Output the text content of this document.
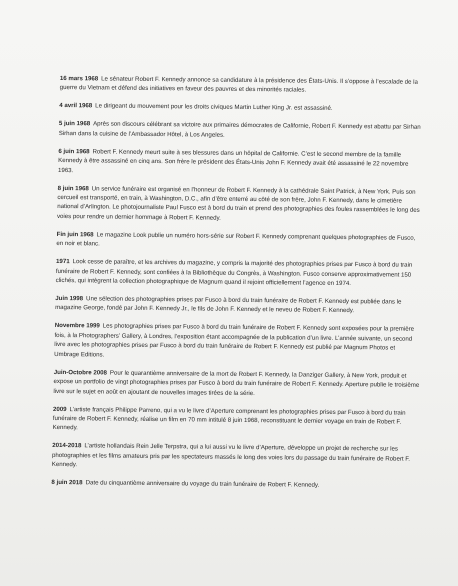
16 mars 1968 Le sénateur Robert F. Kennedy annonce sa candidature à la présidence des États-Unis. Il s’oppose à l’escalade de la guerre du Vietnam et défend des initiatives en faveur des pauvres et des minorités raciales.

4 avril 1968 Le dirigeant du mouvement pour les droits civiques Martin Luther King Jr. est assassiné.

5 juin 1968 Après son discours célébrant sa victoire aux primaires démocrates de Californie, Robert F. Kennedy est abattu par Sirhan Sirhan dans la cuisine de l’Ambassador Hôtel, à Los Angeles.

6 juin 1968 Robert F. Kennedy meurt suite à ses blessures dans un hôpital de Californie. C’est le second membre de la famille Kennedy à être assassiné en cinq ans. Son frère le président des États-Unis John F. Kennedy avait été assassiné le 22 novembre 1963.

8 juin 1968 Un service funéraire est organisé en l’honneur de Robert F. Kennedy à la cathédrale Saint Patrick, à New York. Puis son cercueil est transporté, en train, à Washington, D.C., afin d’être enterré au côté de son frère, John F. Kennedy, dans le cimetière national d’Arlington. Le photojournaliste Paul Fusco est à bord du train et prend des photographies des foules rassemblées le long des voies pour rendre un dernier hommage à Robert F. Kennedy.

Fin juin 1968 Le magazine Look publie un numéro hors-série sur Robert F. Kennedy comprenant quelques photographies de Fusco, en noir et blanc.

1971 Look cesse de paraître, et les archives du magazine, y compris la majorité des photographies prises par Fusco à bord du train funéraire de Robert F. Kennedy, sont confiées à la Bibliothèque du Congrès, à Washington. Fusco conserve approximativement 150 clichés, qui intègrent la collection photographique de Magnum quand il rejoint officiellement l’agence en 1974.

Juin 1998 Une sélection des photographies prises par Fusco à bord du train funéraire de Robert F. Kennedy est publiée dans le magazine George, fondé par John F. Kennedy Jr., le fils de John F. Kennedy et le neveu de Robert F. Kennedy.

Novembre 1999 Les photographies prises par Fusco à bord du train funéraire de Robert F. Kennedy sont exposées pour la première fois, à la Photographers’ Gallery, à Londres, l’exposition étant accompagnée de la publication d’un livre. L’année suivante, un second livre avec les photographies prises par Fusco à bord du train funéraire de Robert F. Kennedy est publié par Magnum Photos et Umbrage Editions.

Juin-Octobre 2008 Pour le quarantième anniversaire de la mort de Robert F. Kennedy, la Danziger Gallery, à New York, produit et expose un portfolio de vingt photographies prises par Fusco à bord du train funéraire de Robert F. Kennedy. Aperture publie le troisième livre sur le sujet en août en ajoutant de nouvelles images tirées de la série.

2009 L’artiste français Philippe Parreno, qui a vu le livre d’Aperture comprenant les photographies prises par Fusco à bord du train funéraire de Robert F. Kennedy, réalise un film en 70 mm intitulé 8 juin 1968, reconstituant le dernier voyage en train de Robert F. Kennedy.

2014-2018 L’artiste hollandais Rein Jelle Terpstra, qui a lui aussi vu le livre d’Aperture, développe un projet de recherche sur les photographies et les films amateurs pris par les spectateurs massés le long des voies lors du passage du train funéraire de Robert F. Kennedy.

8 juin 2018 Date du cinquantième anniversaire du voyage du train funéraire de Robert F. Kennedy.
